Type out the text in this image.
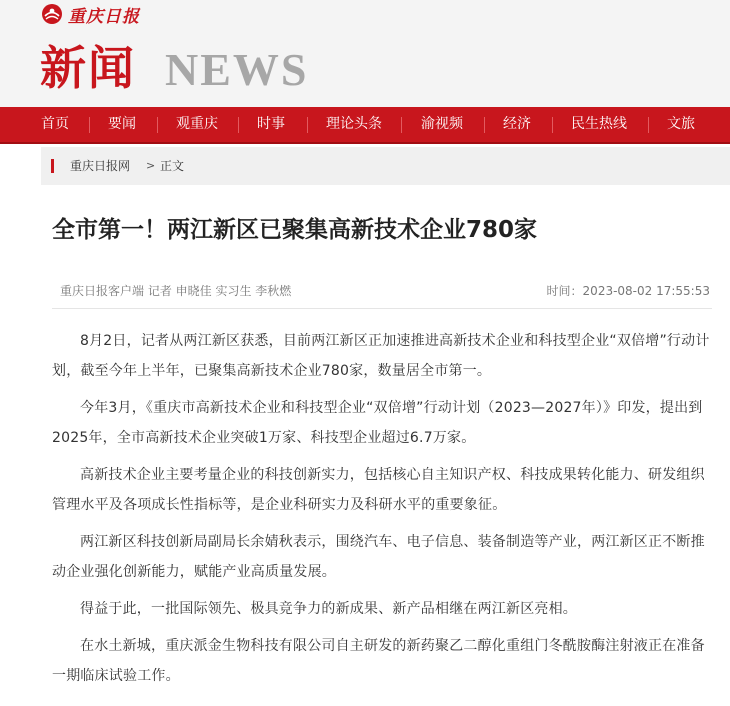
重庆日报
新闻 NEWS
首页	要闻	观重庆	时事	理论头条	渝视频	经济	民生热线	文旅
重庆日报网 > 正文
全市第一！两江新区已聚集高新技术企业780家
重庆日报客户端 记者 申晓佳 实习生 李秋燃	时间：2023-08-02 17:55:53

8月2日，记者从两江新区获悉，目前两江新区正加速推进高新技术企业和科技型企业“双倍增”行动计划，截至今年上半年，已聚集高新技术企业780家，数量居全市第一。

今年3月，《重庆市高新技术企业和科技型企业“双倍增”行动计划（2023—2027年）》印发，提出到2025年，全市高新技术企业突破1万家、科技型企业超过6.7万家。

高新技术企业主要考量企业的科技创新实力，包括核心自主知识产权、科技成果转化能力、研发组织管理水平及各项成长性指标等，是企业科研实力及科研水平的重要象征。

两江新区科技创新局副局长余婧秋表示，围绕汽车、电子信息、装备制造等产业，两江新区正不断推动企业强化创新能力，赋能产业高质量发展。

得益于此，一批国际领先、极具竞争力的新成果、新产品相继在两江新区亮相。

在水土新城，重庆派金生物科技有限公司自主研发的新药聚乙二醇化重组门冬酰胺酶注射液正在准备一期临床试验工作。
